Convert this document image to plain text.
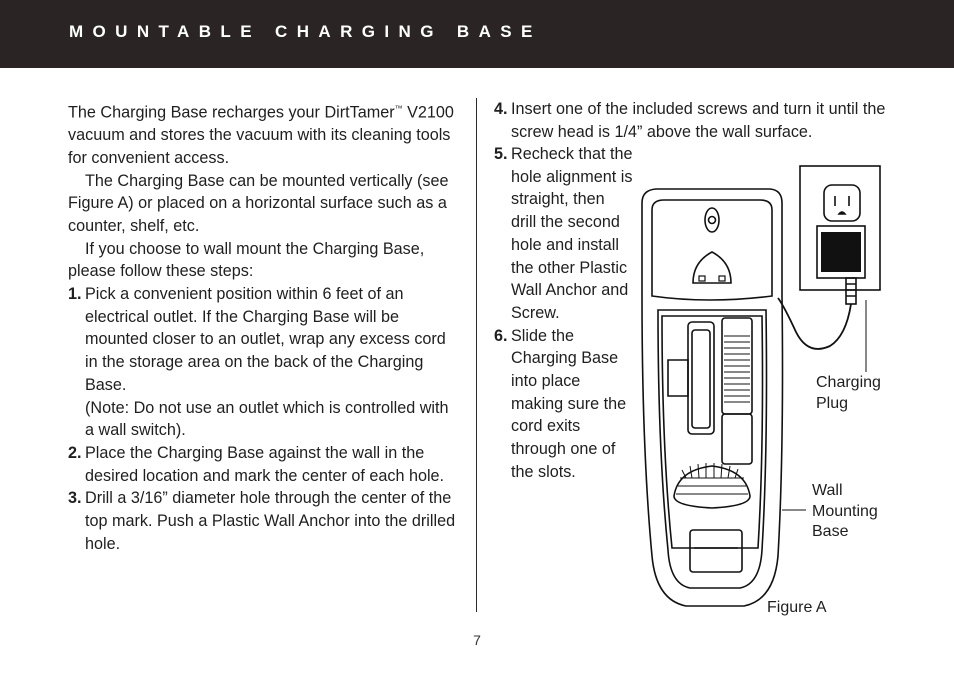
MOUNTABLE CHARGING BASE

The Charging Base recharges your DirtTamer™ V2100 vacuum and stores the vacuum with its cleaning tools for convenient access.

The Charging Base can be mounted vertically (see Figure A) or placed on a horizontal surface such as a counter, shelf, etc.

If you choose to wall mount the Charging Base, please follow these steps:

1. Pick a convenient position within 6 feet of an electrical outlet. If the Charging Base will be mounted closer to an outlet, wrap any excess cord in the storage area on the back of the Charging Base.
(Note: Do not use an outlet which is controlled with a wall switch).
2. Place the Charging Base against the wall in the desired location and mark the center of each hole.
3. Drill a 3/16” diameter hole through the center of the top mark. Push a Plastic Wall Anchor into the drilled hole.
4. Insert one of the included screws and turn it until the screw head is 1/4” above the wall surface.
5. Recheck that the hole alignment is straight, then drill the second hole and install the other Plastic Wall Anchor and Screw.
6. Slide the Charging Base into place making sure the cord exits through one of the slots.
Charging
Plug
Wall
Mounting
Base
Figure A
7
